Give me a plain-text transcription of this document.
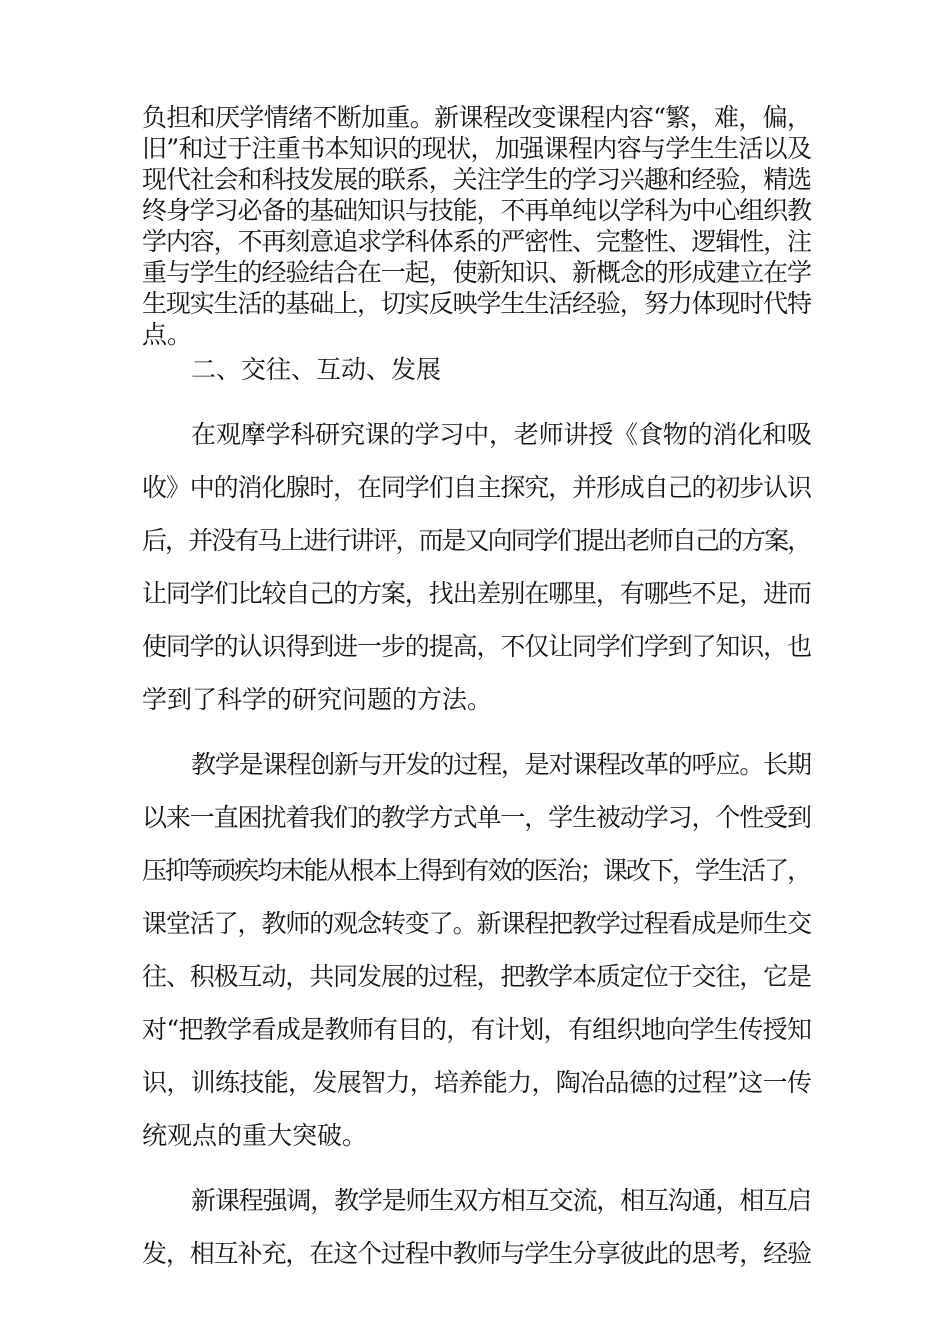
负担和厌学情绪不断加重。新课程改变课程内容“繁，难，偏，
旧”和过于注重书本知识的现状，加强课程内容与学生生活以及
现代社会和科技发展的联系，关注学生的学习兴趣和经验，精选
终身学习必备的基础知识与技能，不再单纯以学科为中心组织教
学内容，不再刻意追求学科体系的严密性、完整性、逻辑性，注
重与学生的经验结合在一起，使新知识、新概念的形成建立在学
生现实生活的基础上，切实反映学生生活经验，努力体现时代特
点。
二、交往、互动、发展
在观摩学科研究课的学习中，老师讲授《食物的消化和吸
收》中的消化腺时，在同学们自主探究，并形成自己的初步认识
后，并没有马上进行讲评，而是又向同学们提出老师自己的方案，
让同学们比较自己的方案，找出差别在哪里，有哪些不足，进而
使同学的认识得到进一步的提高，不仅让同学们学到了知识，也
学到了科学的研究问题的方法。
教学是课程创新与开发的过程，是对课程改革的呼应。长期
以来一直困扰着我们的教学方式单一，学生被动学习，个性受到
压抑等顽疾均未能从根本上得到有效的医治；课改下，学生活了，
课堂活了，教师的观念转变了。新课程把教学过程看成是师生交
往、积极互动，共同发展的过程，把教学本质定位于交往，它是
对“把教学看成是教师有目的，有计划，有组织地向学生传授知
识，训练技能，发展智力，培养能力，陶冶品德的过程”这一传
统观点的重大突破。
新课程强调，教学是师生双方相互交流，相互沟通，相互启
发，相互补充，在这个过程中教师与学生分享彼此的思考，经验
